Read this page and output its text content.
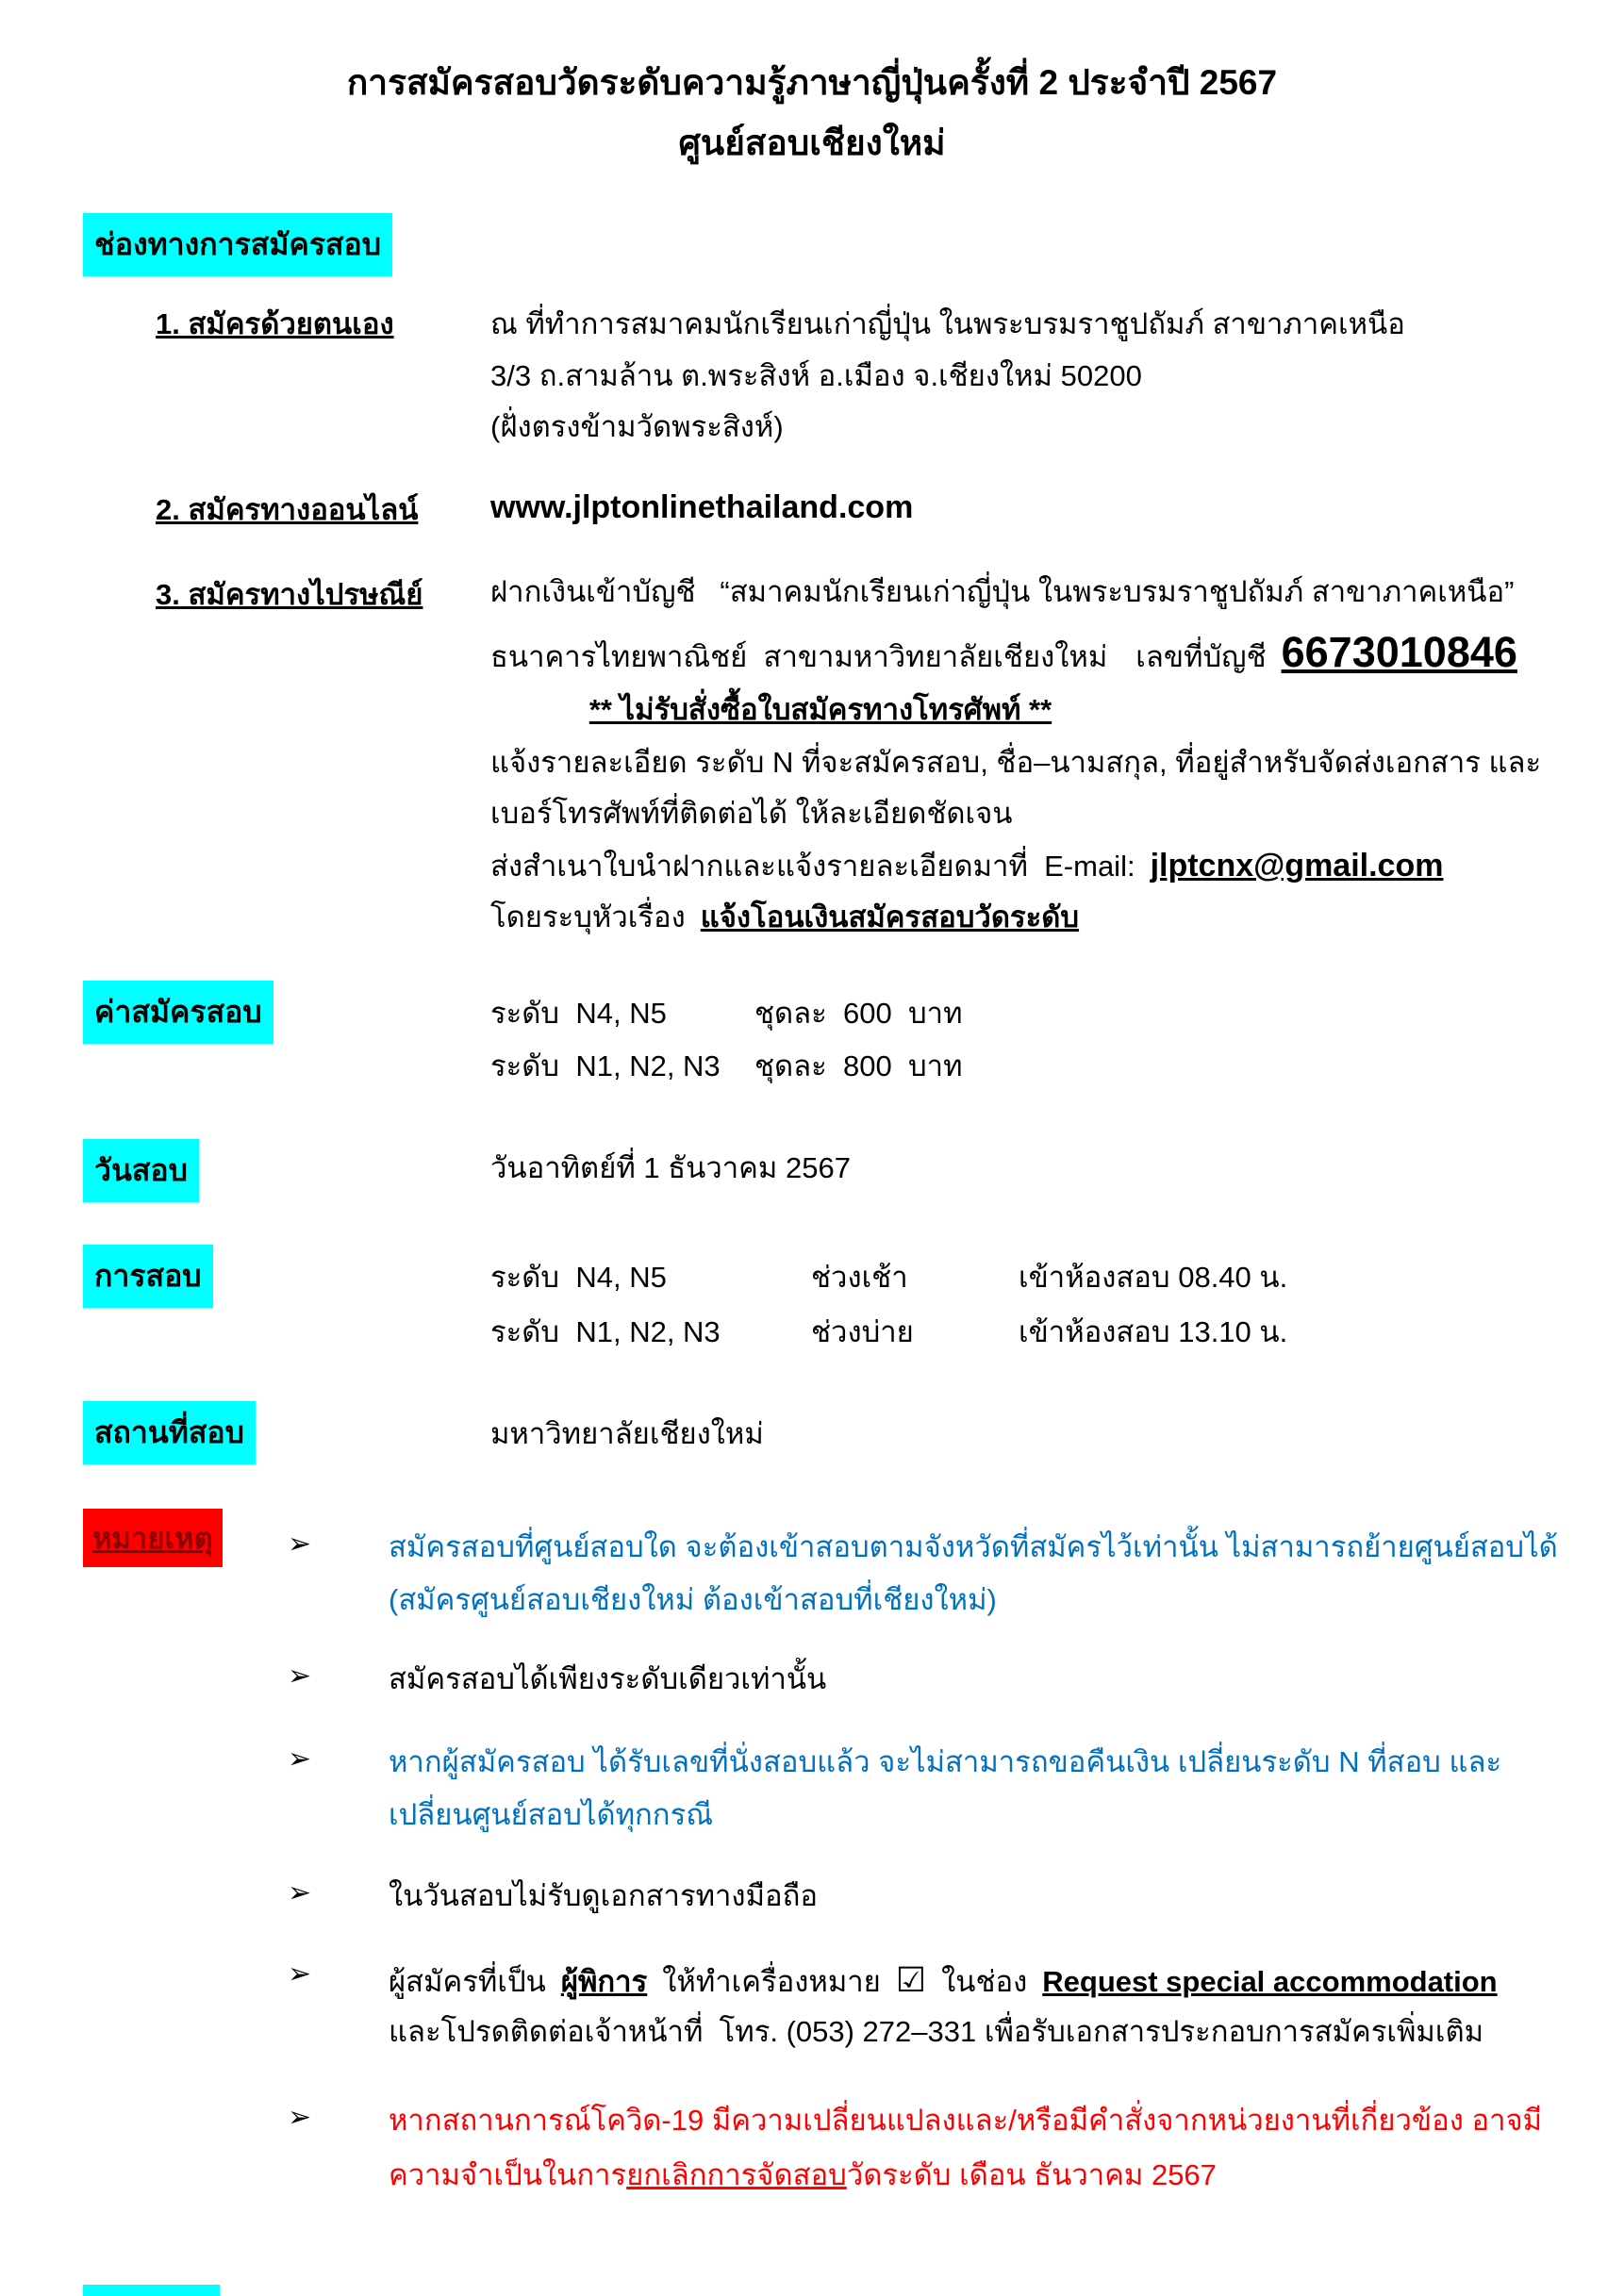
การสมัครสอบวัดระดับความรู้ภาษาญี่ปุ่นครั้งที่ 2 ประจำปี 2567
ศูนย์สอบเชียงใหม่
ช่องทางการสมัครสอบ
1. สมัครด้วยตนเอง	ณ ที่ทำการสมาคมนักเรียนเก่าญี่ปุ่น ในพระบรมราชูปถัมภ์ สาขาภาคเหนือ
3/3 ถ.สามล้าน ต.พระสิงห์ อ.เมือง จ.เชียงใหม่ 50200
(ฝั่งตรงข้ามวัดพระสิงห์)
2. สมัครทางออนไลน์ www.jlptonlinethailand.com
3. สมัครทางไปรษณีย์ ฝากเงินเข้าบัญชี   “สมาคมนักเรียนเก่าญี่ปุ่น ในพระบรมราชูปถัมภ์ สาขาภาคเหนือ”
ธนาคารไทยพาณิชย์  สาขามหาวิทยาลัยเชียงใหม่ เลขที่บัญชี 6673010846
** ไม่รับสั่งซื้อใบสมัครทางโทรศัพท์ **
แจ้งรายละเอียด ระดับ N ที่จะสมัครสอบ, ชื่อ–นามสกุล, ที่อยู่สำหรับจัดส่งเอกสาร และ
เบอร์โทรศัพท์ที่ติดต่อได้ ให้ละเอียดชัดเจน
ส่งสำเนาใบนำฝากและแจ้งรายละเอียดมาที่  E-mail: jlptcnx@gmail.com
โดยระบุหัวเรื่อง แจ้งโอนเงินสมัครสอบวัดระดับ
ค่าสมัครสอบ	ระดับ  N4, N5	ชุดละ  600  บาท
ระดับ  N1, N2, N3 ชุดละ  800  บาท
วันสอบ	วันอาทิตย์ที่ 1 ธันวาคม 2567
การสอบ	ระดับ  N4, N5	ช่วงเช้า	เข้าห้องสอบ 08.40 น.
ระดับ  N1, N2, N3	ช่วงบ่าย	เข้าห้องสอบ 13.10 น.
สถานที่สอบ	มหาวิทยาลัยเชียงใหม่
หมายเหตุ	➢	สมัครสอบที่ศูนย์สอบใด จะต้องเข้าสอบตามจังหวัดที่สมัครไว้เท่านั้น ไม่สามารถย้ายศูนย์สอบได้
(สมัครศูนย์สอบเชียงใหม่ ต้องเข้าสอบที่เชียงใหม่)
➢	สมัครสอบได้เพียงระดับเดียวเท่านั้น
➢	หากผู้สมัครสอบ ได้รับเลขที่นั่งสอบแล้ว จะไม่สามารถขอคืนเงิน เปลี่ยนระดับ N ที่สอบ และ
เปลี่ยนศูนย์สอบได้ทุกกรณี
➢	ในวันสอบไม่รับดูเอกสารทางมือถือ
➢	ผู้สมัครที่เป็น ผู้พิการ ให้ทำเครื่องหมาย ☑ ในช่อง Request special accommodation
และโปรดติดต่อเจ้าหน้าที่  โทร. (053) 272–331 เพื่อรับเอกสารประกอบการสมัครเพิ่มเติม
➢	หากสถานการณ์โควิด-19 มีความเปลี่ยนแปลงและ/หรือมีคำสั่งจากหน่วยงานที่เกี่ยวข้อง อาจมี
ความจำเป็นในการยกเลิกการจัดสอบวัดระดับ เดือน ธันวาคม 2567
